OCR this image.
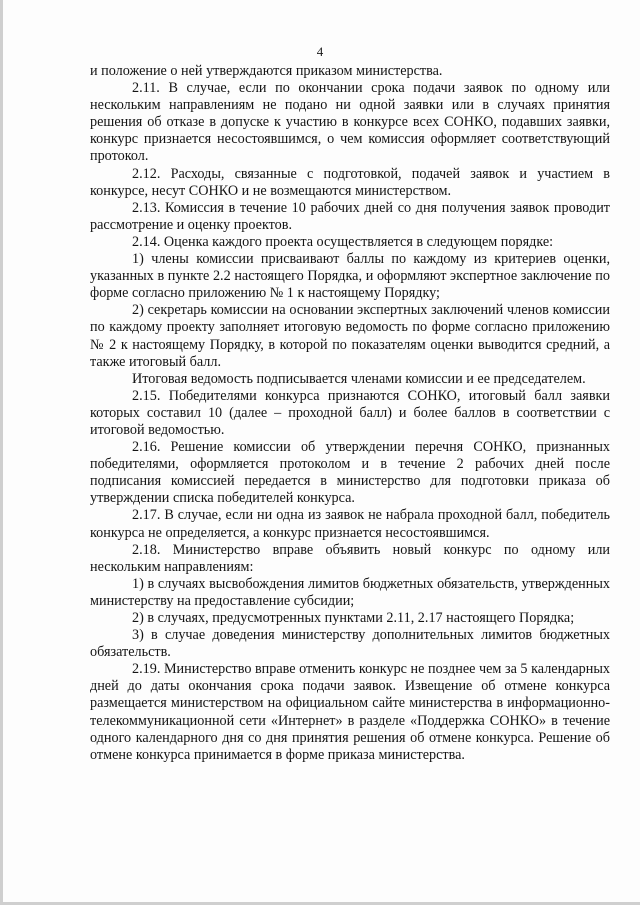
4

и положение о ней утверждаются приказом министерства.

2.11. В случае, если по окончании срока подачи заявок по одному или нескольким направлениям не подано ни одной заявки или в случаях принятия решения об отказе в допуске к участию в конкурсе всех СОНКО, подавших заявки, конкурс признается несостоявшимся, о чем комиссия оформляет соответствующий протокол.

2.12. Расходы, связанные с подготовкой, подачей заявок и участием в конкурсе, несут СОНКО и не возмещаются министерством.

2.13. Комиссия в течение 10 рабочих дней со дня получения заявок проводит рассмотрение и оценку проектов.

2.14. Оценка каждого проекта осуществляется в следующем порядке:

1) члены комиссии присваивают баллы по каждому из критериев оценки, указанных в пункте 2.2 настоящего Порядка, и оформляют экспертное заключение по форме согласно приложению № 1 к настоящему Порядку;

2) секретарь комиссии на основании экспертных заключений членов комиссии по каждому проекту заполняет итоговую ведомость по форме согласно приложению № 2 к настоящему Порядку, в которой по показателям оценки выводится средний, а также итоговый балл.

Итоговая ведомость подписывается членами комиссии и ее председателем.

2.15. Победителями конкурса признаются СОНКО, итоговый балл заявки которых составил 10 (далее – проходной балл) и более баллов в соответствии с итоговой ведомостью.

2.16. Решение комиссии об утверждении перечня СОНКО, признанных победителями, оформляется протоколом и в течение 2 рабочих дней после подписания комиссией передается в министерство для подготовки приказа об утверждении списка победителей конкурса.

2.17. В случае, если ни одна из заявок не набрала проходной балл, победитель конкурса не определяется, а конкурс признается несостоявшимся.

2.18. Министерство вправе объявить новый конкурс по одному или нескольким направлениям:

1) в случаях высвобождения лимитов бюджетных обязательств, утвержденных министерству на предоставление субсидии;

2) в случаях, предусмотренных пунктами 2.11, 2.17 настоящего Порядка;

3) в случае доведения министерству дополнительных лимитов бюджетных обязательств.

2.19. Министерство вправе отменить конкурс не позднее чем за 5 календарных дней до даты окончания срока подачи заявок. Извещение об отмене конкурса размещается министерством на официальном сайте министерства в информационно-телекоммуникационной сети «Интернет» в разделе «Поддержка СОНКО» в течение одного календарного дня со дня принятия решения об отмене конкурса. Решение об отмене конкурса принимается в форме приказа министерства.
